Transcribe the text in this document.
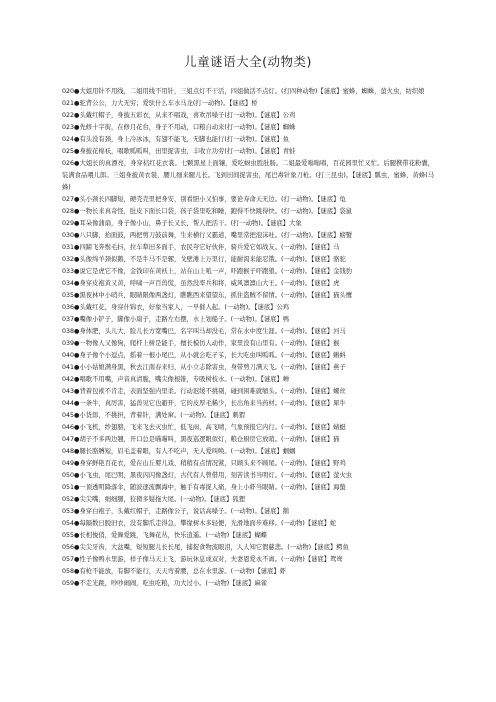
儿童谜语大全(动物类)

020●大姐用针不用线，二姐用线不用针，三姐点灯不干活，四姐做活不点灯。(打四种动物)【谜底】蜜蜂，蜘蛛，萤火虫，纺织娘

021●驼背公公，力大无穷；爱驮什么车水马龙(打一动物)。【谜底】桥

022●头戴红帽子，身披五彩衣，从来不唱戏，喜欢吊嗓子(打一动物)。【谜底】公鸡

023●先修十字街，在修月花台，身子不用动，口粮自动来(打一动物)。【谜底】蜘蛛

024●有头没有颈，身上冷冰冰，有翅不能飞，无脚也能行(打一动物)。【谜底】鱼

025●身披花棉袄，唱歌呱呱叫，田里捉害虫，丰收立功劳(打一动物)。【谜底】青蛙

026●大姐长的真漂亮，身穿桔红花衣裳。七颗黑星上面镶，爱吃蚜虫胜肚肠。二姐最爱嗡嗡唱，百花园里忙又忙。后腿携带花粉囊，装满食品喂儿郎。三姐身披黄衣裳，腰儿细来腿儿长。飞到田间捉害虫，尾巴毒针象刀枪。(打三昆虫)。【谜底】瓢虫，蜜蜂，黄蜂(马蜂)

027●头小颈长四脚短，硬壳壳里把身安，别看胆小又怕事，要论寿命天无边。(打一动物)。【谜底】龟

028●一物长来真奇怪，肚皮下面长口袋，孩子袋里吃和睡，跑得不快跳得快。(打一动物)。【谜底】袋鼠

029●耳朵像蒲扇，身子像小山，鼻子长又长，帮人把活干。(打一动物)。【谜底】大象

030●八只脚，抬面鼓，两把剪刀鼓前舞，生来横行又霸道，嘴里常把泡沫吐。(打一动物)。【谜底】螃蟹

031●四蹄飞奔鬃毛抖，拉车犁田多面手，农民夸它好伙伴，骑兵爱它如战友。(一动物)。【谜底】马

032●头像绵羊颈似鹅，不是牛马不是骡，戈壁滩上万里行，能耐渴来能忍饿。(一动物)。【谜底】骆驼

033●说它是虎它不像，金钱印在黄袄上，站在山上吼一声，吓跑猴子吓跑狼。(一动物)。【谜底】金钱豹

034●身穿皮袍黄又黄，呼啸一声百兽慌，虽然没率兵和将，威风凛凛山大王。(一动物)。【谜底】虎

035●黑夜林中小哨兵，眼睛限像两盏灯，瞧瞧西来望望东，抓住盗贼不留情。(一动物)。【谜底】猫头鹰

036●头戴红花，身穿什锦衣，好象当家人，一早催人起。(一动物)。【谜底】公鸡

037●嘴像小铲子，脚像小扇子，走路左右摆，水上划船子。(一动物)。【谜底】鸭

038●身体肥，头儿大，脸儿长方宽嘴巴，名字叫马却没毛，常在水中度生涯。(一动物)。【谜底】河马

039●一物像人又像狗，爬杆上树是能手，擅长模仿人动作，家里没有山里有。(一动物)。【谜底】猴

040●身子像个小逗点，摇着一根小尾巴，从小就会吃孑孓，长大吃虫叫呱呱。(一动物)。【谜底】蝌蚪

041●小小姑娘满身黑，秋去江南春来归，从小立志除害虫，身带剪刀满天飞。(一动物)。【谜底】燕子

042●唱歌不用嘴，声音真清脆，嘴尖像根锥，专吸树枝水。(一动物)。【谜底】蝉

043●背着包袱不肯走，表面坚强内里柔。行动迟缓不挑剔，碰到困难就缩头。(一动物)。【谜底】螺丝

044●一条牛，真厉害，猛兽见它也避开，它的皮厚毛稀少，长出角来当药材。(一动物)。【谜底】犀牛

045●小货郎，不挑担，背着针，满处窜。(一动物)。【谜底】刺猬

046●小飞机，纱翅膀，飞来飞去灭虫忙，低飞雨，高飞晴，气象预报它内行。(一动物)。【谜底】蜻蜓

047●胡子不多两边翘，开口总是喵喵叫，黑夜巡逻眼似灯，粮仓厨房它放哨。(一动物)。【谜底】猫

048●腿长胳膊短，眉毛盖着眼，有人不吃声，无人爱叫唤。(一动物)。【谜底】蝈蝈

049●身穿鲜艳百花衣，爱在山丘婴儿戏，稍稍有点情况紧，只顾头来不顾尾。(一动物)。【谜底】野鸡

050●小飞虫，尾巴明，黑夜闪闪像盏灯，古代有人曾借用，刻苦读书当明灯。(一动物)。【谜底】萤火虫

051●一顶透明降落伞，随波逐流飘海中，触手有毒捉人痛，身上小虾当眼睛。(一动物)。【谜底】海蛰

052●尖尖嘴，细细腿，狡猾多疑拖大尾。(一动物)。【谜底】狐狸

053●身穿白袍子，头戴红帽子，走路像公子，说话高嗓子。(一动物)。【谜底】鹅

054●每隔数日脱旧衣，没有脚爪走得急，攀缘树木多轻便，光滑地面步难移。(一动物)【谜底】蛇

055●长相俊俏，爱舞爱跳，飞舞花丛，快乐逍遥。(一动物)【谜底】蝴蝶

056●尖尖牙齿，大盆嘴，短短腿儿长长尾，捕捉食物流眼泪，人人知它假慈悲。(一动物)【谜底】鳄鱼

057●性子像鸭水里游，样子像马天上飞，游玩休息成双对，夫妻恩爱永不离。(一动物)【谜底】鸳鸯

058●有枪不能放，有脚不能行，天天弯着腰，总在水里游。(一动物)【谜底】虾

059●不走光跳，吵吵闹闹，吃虫吃粮，功大过小。(一动物)【谜底】麻雀
